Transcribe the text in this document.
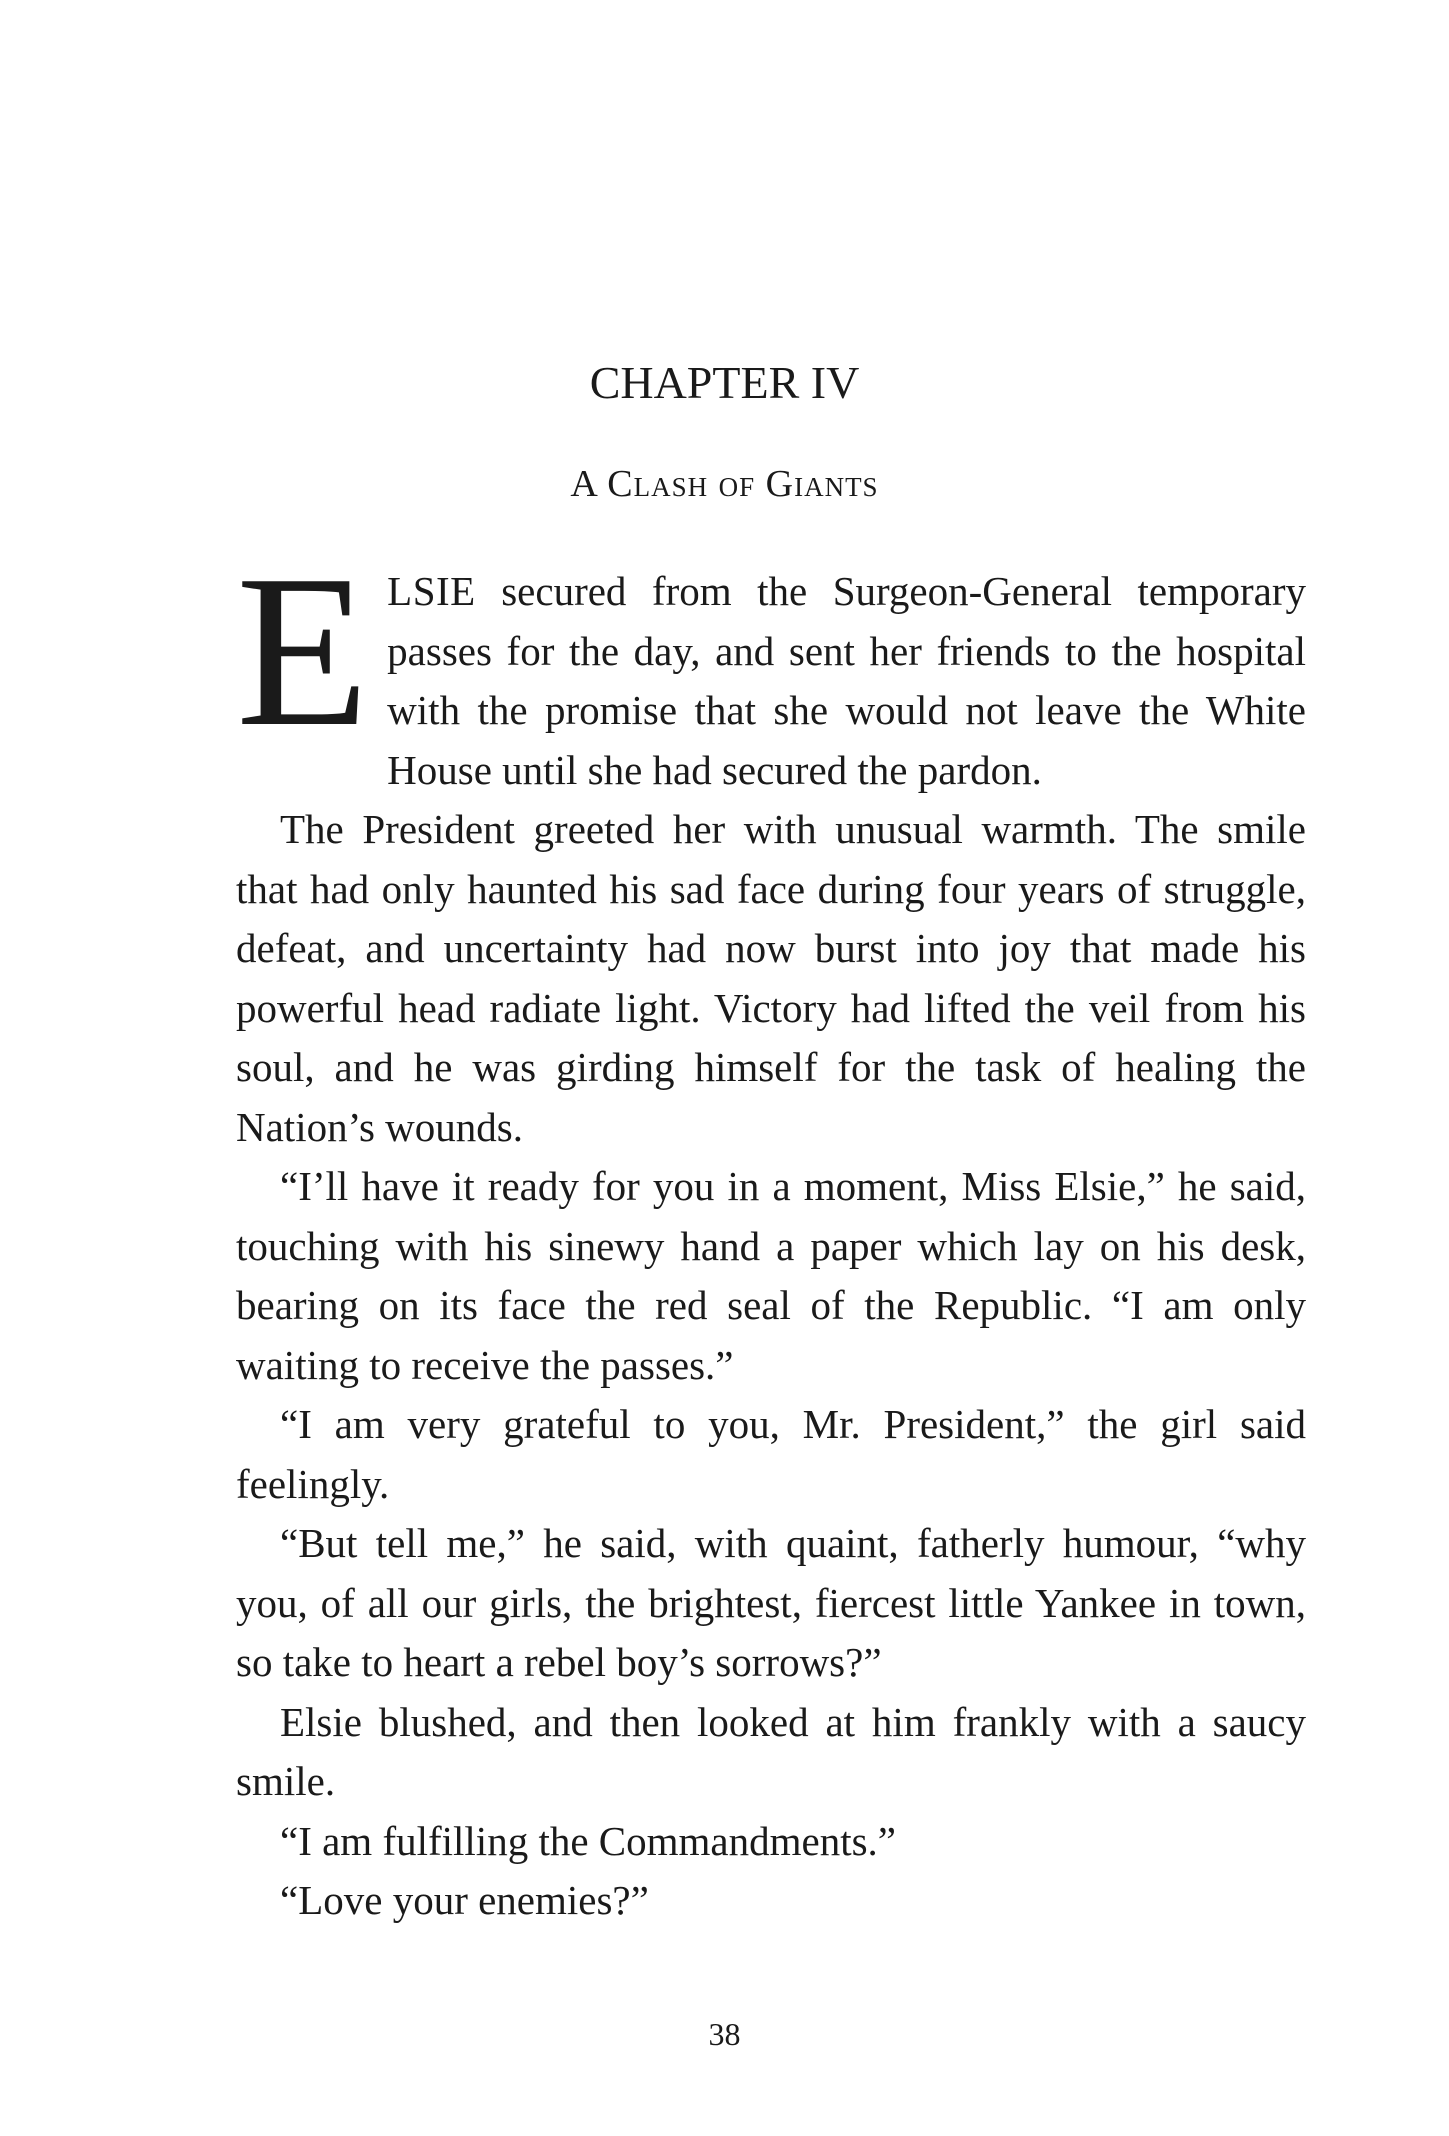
CHAPTER IV
A Clash of Giants

ELSIE secured from the Surgeon-General temporary passes for the day, and sent her friends to the hospital with the promise that she would not leave the White House until she had secured the pardon.

The President greeted her with unusual warmth. The smile that had only haunted his sad face during four years of struggle, defeat, and uncertainty had now burst into joy that made his powerful head radiate light. Victory had lifted the veil from his soul, and he was girding himself for the task of healing the Nation’s wounds.

“I’ll have it ready for you in a moment, Miss Elsie,” he said, touching with his sinewy hand a paper which lay on his desk, bearing on its face the red seal of the Republic. “I am only waiting to receive the passes.”

“I am very grateful to you, Mr. President,” the girl said feelingly.

“But tell me,” he said, with quaint, fatherly humour, “why you, of all our girls, the brightest, fiercest little Yankee in town, so take to heart a rebel boy’s sorrows?”

Elsie blushed, and then looked at him frankly with a saucy smile.

“I am fulfilling the Commandments.”

“Love your enemies?”

38
